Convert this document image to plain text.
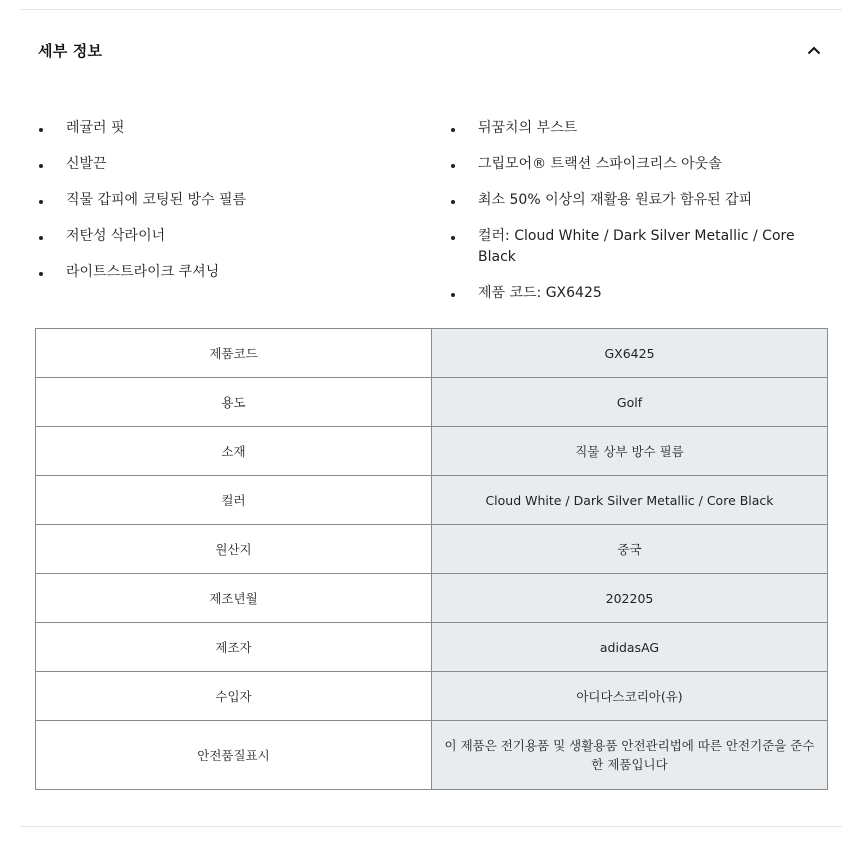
세부 정보
레귤러 핏
신발끈
직물 갑피에 코팅된 방수 필름
저탄성 삭라이너
라이트스트라이크 쿠셔닝
뒤꿈치의 부스트
그립모어® 트랙션 스파이크리스 아웃솔
최소 50% 이상의 재활용 원료가 함유된 갑피
컬러: Cloud White / Dark Silver Metallic / Core Black
제품 코드: GX6425
제품코드	GX6425
용도	Golf
소재	직물 상부 방수 필름
컬러	Cloud White / Dark Silver Metallic / Core Black
원산지	중국
제조년월	202205
제조자	adidasAG
수입자	아디다스코리아(유)
안전품질표시	이 제품은 전기용품 및 생활용품 안전관리법에 따른 안전기준을 준수한 제품입니다
